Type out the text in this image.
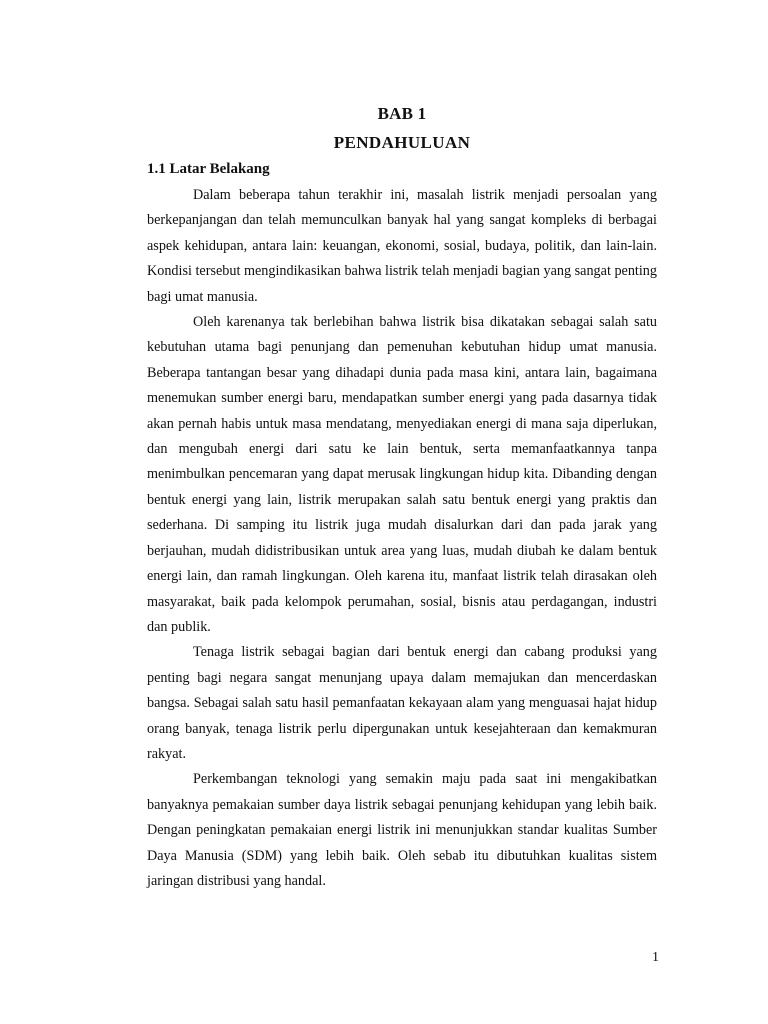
BAB 1
PENDAHULUAN
1.1 Latar Belakang

Dalam beberapa tahun terakhir ini, masalah listrik menjadi persoalan yang berkepanjangan dan telah memunculkan banyak hal yang sangat kompleks di berbagai aspek kehidupan, antara lain: keuangan, ekonomi, sosial, budaya, politik, dan lain-lain. Kondisi tersebut mengindikasikan bahwa listrik telah menjadi bagian yang sangat penting bagi umat manusia.

Oleh karenanya tak berlebihan bahwa listrik bisa dikatakan sebagai salah satu kebutuhan utama bagi penunjang dan pemenuhan kebutuhan hidup umat manusia. Beberapa tantangan besar yang dihadapi dunia pada masa kini, antara lain, bagaimana menemukan sumber energi baru, mendapatkan sumber energi yang pada dasarnya tidak akan pernah habis untuk masa mendatang, menyediakan energi di mana saja diperlukan, dan mengubah energi dari satu ke lain bentuk, serta memanfaatkannya tanpa menimbulkan pencemaran yang dapat merusak lingkungan hidup kita. Dibanding dengan bentuk energi yang lain, listrik merupakan salah satu bentuk energi yang praktis dan sederhana. Di samping itu listrik juga mudah disalurkan dari dan pada jarak yang berjauhan, mudah didistribusikan untuk area yang luas, mudah diubah ke dalam bentuk energi lain, dan ramah lingkungan. Oleh karena itu, manfaat listrik telah dirasakan oleh masyarakat, baik pada kelompok perumahan, sosial, bisnis atau perdagangan, industri dan publik.

Tenaga listrik sebagai bagian dari bentuk energi dan cabang produksi yang penting bagi negara sangat menunjang upaya dalam memajukan dan mencerdaskan bangsa. Sebagai salah satu hasil pemanfaatan kekayaan alam yang menguasai hajat hidup orang banyak, tenaga listrik perlu dipergunakan untuk kesejahteraan dan kemakmuran rakyat.

Perkembangan teknologi yang semakin maju pada saat ini mengakibatkan banyaknya pemakaian sumber daya listrik sebagai penunjang kehidupan yang lebih baik. Dengan peningkatan pemakaian energi listrik ini menunjukkan standar kualitas Sumber Daya Manusia (SDM) yang lebih baik. Oleh sebab itu dibutuhkan kualitas sistem jaringan distribusi yang handal.

1
